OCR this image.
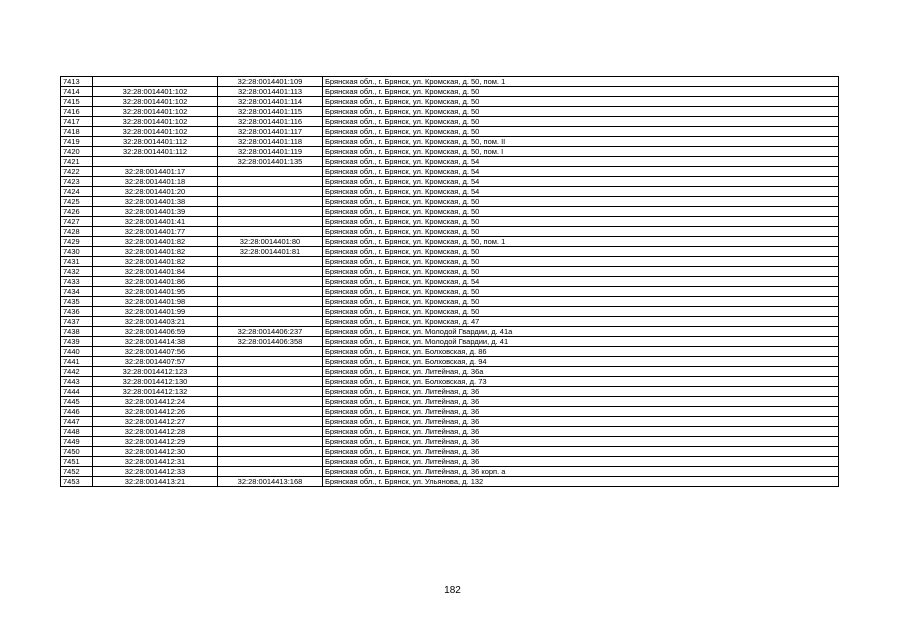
7413		32:28:0014401:109	Брянская обл., г. Брянск, ул. Кромская, д. 50, пом. 1
7414	32:28:0014401:102	32:28:0014401:113	Брянская обл., г. Брянск, ул. Кромская, д. 50
7415	32:28:0014401:102	32:28:0014401:114	Брянская обл., г. Брянск, ул. Кромская, д. 50
7416	32:28:0014401:102	32:28:0014401:115	Брянская обл., г. Брянск, ул. Кромская, д. 50
7417	32:28:0014401:102	32:28:0014401:116	Брянская обл., г. Брянск, ул. Кромская, д. 50
7418	32:28:0014401:102	32:28:0014401:117	Брянская обл., г. Брянск, ул. Кромская, д. 50
7419	32:28:0014401:112	32:28:0014401:118	Брянская обл., г. Брянск, ул. Кромская, д. 50, пом. II
7420	32:28:0014401:112	32:28:0014401:119	Брянская обл., г. Брянск, ул. Кромская, д. 50, пом. I
7421		32:28:0014401:135	Брянская обл., г. Брянск, ул. Кромская, д. 54
7422	32:28:0014401:17		Брянская обл., г. Брянск, ул. Кромская, д. 54
7423	32:28:0014401:18		Брянская обл., г. Брянск, ул. Кромская, д. 54
7424	32:28:0014401:20		Брянская обл., г. Брянск, ул. Кромская, д. 54
7425	32:28:0014401:38		Брянская обл., г. Брянск, ул. Кромская, д. 50
7426	32:28:0014401:39		Брянская обл., г. Брянск, ул. Кромская, д. 50
7427	32:28:0014401:41		Брянская обл., г. Брянск, ул. Кромская, д. 50
7428	32:28:0014401:77		Брянская обл., г. Брянск, ул. Кромская, д. 50
7429	32:28:0014401:82	32:28:0014401:80	Брянская обл., г. Брянск, ул. Кромская, д. 50, пом. 1
7430	32:28:0014401:82	32:28:0014401:81	Брянская обл., г. Брянск, ул. Кромская, д. 50
7431	32:28:0014401:82		Брянская обл., г. Брянск, ул. Кромская, д. 50
7432	32:28:0014401:84		Брянская обл., г. Брянск, ул. Кромская, д. 50
7433	32:28:0014401:86		Брянская обл., г. Брянск, ул. Кромская, д. 54
7434	32:28:0014401:95		Брянская обл., г. Брянск, ул. Кромская, д. 50
7435	32:28:0014401:98		Брянская обл., г. Брянск, ул. Кромская, д. 50
7436	32:28:0014401:99		Брянская обл., г. Брянск, ул. Кромская, д. 50
7437	32:28:0014403:21		Брянская обл., г. Брянск, ул. Кромская, д. 47
7438	32:28:0014406:59	32:28:0014406:237	Брянская обл., г. Брянск, ул. Молодой Гвардии, д. 41а
7439	32:28:0014414:38	32:28:0014406:358	Брянская обл., г. Брянск, ул. Молодой Гвардии, д. 41
7440	32:28:0014407:56		Брянская обл., г. Брянск, ул. Болховская, д. 86
7441	32:28:0014407:57		Брянская обл., г. Брянск, ул. Болховская, д. 94
7442	32:28:0014412:123		Брянская обл., г. Брянск, ул. Литейная, д. 36а
7443	32:28:0014412:130		Брянская обл., г. Брянск, ул. Болховская, д. 73
7444	32:28:0014412:132		Брянская обл., г. Брянск, ул. Литейная, д. 36
7445	32:28:0014412:24		Брянская обл., г. Брянск, ул. Литейная, д. 36
7446	32:28:0014412:26		Брянская обл., г. Брянск, ул. Литейная, д. 36
7447	32:28:0014412:27		Брянская обл., г. Брянск, ул. Литейная, д. 36
7448	32:28:0014412:28		Брянская обл., г. Брянск, ул. Литейная, д. 36
7449	32:28:0014412:29		Брянская обл., г. Брянск, ул. Литейная, д. 36
7450	32:28:0014412:30		Брянская обл., г. Брянск, ул. Литейная, д. 36
7451	32:28:0014412:31		Брянская обл., г. Брянск, ул. Литейная, д. 36
7452	32:28:0014412:33		Брянская обл., г. Брянск, ул. Литейная, д. 36 корп. а
7453	32:28:0014413:21	32:28:0014413:168	Брянская обл., г. Брянск, ул. Ульянова, д. 132
182
